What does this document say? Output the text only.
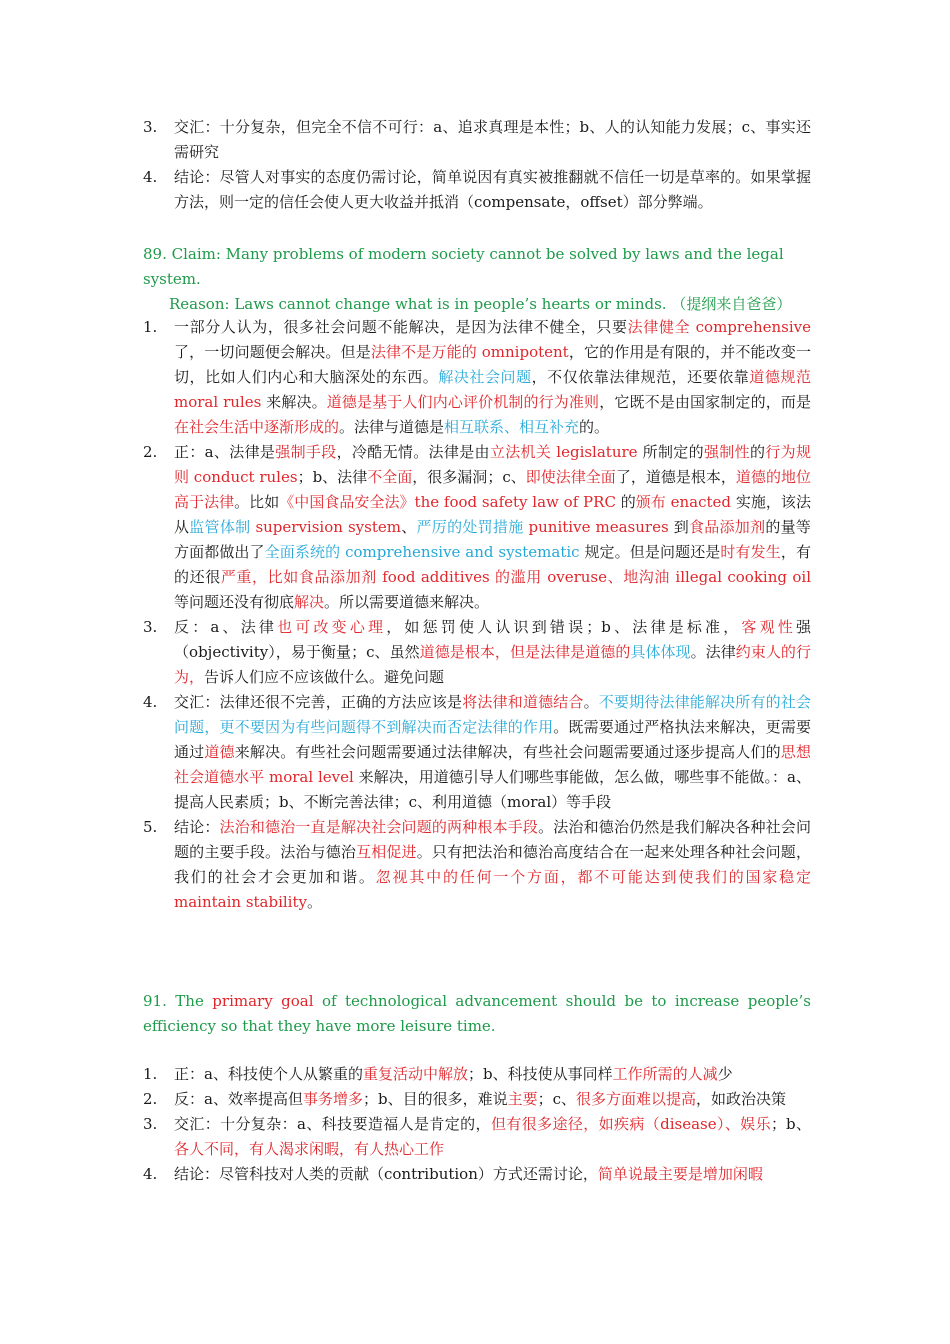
3.	交汇：十分复杂，但完全不信不可行：a、追求真理是本性；b、人的认知能力发展；c、事实还需研究
4.	结论：尽管人对事实的态度仍需讨论，简单说因有真实被推翻就不信任一切是草率的。如果掌握方法，则一定的信任会使人更大收益并抵消（compensate，offset）部分弊端。
89. Claim: Many problems of modern society cannot be solved by laws and the legal system.
Reason: Laws cannot change what is in people’s hearts or minds. （提纲来自爸爸）
1.	一部分人认为，很多社会问题不能解决，是因为法律不健全，只要法律健全 comprehensive 了，一切问题便会解决。但是法律不是万能的 omnipotent，它的作用是有限的，并不能改变一切，比如人们内心和大脑深处的东西。解决社会问题，不仅依靠法律规范，还要依靠道德规范 moral rules 来解决。道德是基于人们内心评价机制的行为准则，它既不是由国家制定的，而是在社会生活中逐渐形成的。法律与道德是相互联系、相互补充的。
2.	正：a、法律是强制手段，冷酷无情。法律是由立法机关 legislature 所制定的强制性的行为规则 conduct rules；b、法律不全面，很多漏洞；c、即使法律全面了，道德是根本，道德的地位高于法律。比如《中国食品安全法》the food safety law of PRC 的颁布 enacted 实施，该法从监管体制 supervision system、严厉的处罚措施 punitive measures 到食品添加剂的量等方面都做出了全面系统的 comprehensive and systematic 规定。但是问题还是时有发生，有的还很严重，比如食品添加剂 food additives 的滥用 overuse、地沟油 illegal cooking oil 等问题还没有彻底解决。所以需要道德来解决。
3.	反：a、法律也可改变心理，如惩罚使人认识到错误；b、法律是标准，客观性强（objectivity），易于衡量；c、虽然道德是根本，但是法律是道德的具体体现。法律约束人的行为，告诉人们应不应该做什么。避免问题
4.	交汇：法律还很不完善，正确的方法应该是将法律和道德结合。不要期待法律能解决所有的社会问题，更不要因为有些问题得不到解决而否定法律的作用。既需要通过严格执法来解决，更需要通过道德来解决。有些社会问题需要通过法律解决，有些社会问题需要通过逐步提高人们的思想社会道德水平 moral level 来解决，用道德引导人们哪些事能做，怎么做，哪些事不能做。：a、提高人民素质；b、不断完善法律；c、利用道德（moral）等手段
5.	结论：法治和德治一直是解决社会问题的两种根本手段。法治和德治仍然是我们解决各种社会问题的主要手段。法治与德治互相促进。只有把法治和德治高度结合在一起来处理各种社会问题，我们的社会才会更加和谐。忽视其中的任何一个方面，都不可能达到使我们的国家稳定 maintain stability。
91. The primary goal of technological advancement should be to increase people’s efficiency so that they have more leisure time.
1.	正：a、科技使个人从繁重的重复活动中解放；b、科技使从事同样工作所需的人减少
2.	反：a、效率提高但事务增多；b、目的很多，难说主要；c、很多方面难以提高，如政治决策
3.	交汇：十分复杂：a、科技要造福人是肯定的，但有很多途径，如疾病（disease）、娱乐；b、各人不同，有人渴求闲暇，有人热心工作
4.	结论：尽管科技对人类的贡献（contribution）方式还需讨论，简单说最主要是增加闲暇
